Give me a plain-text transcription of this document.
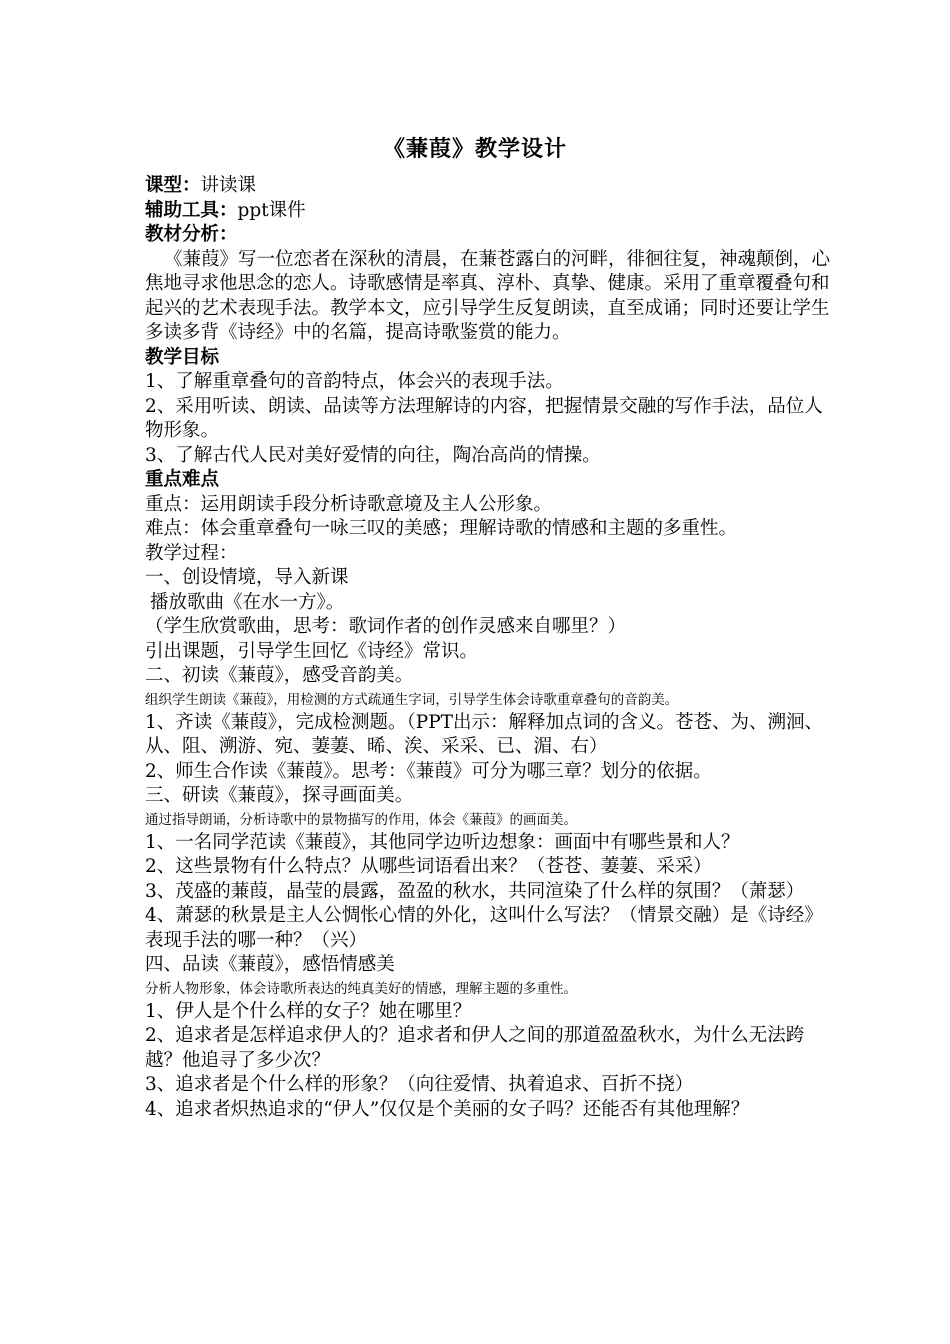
《蒹葭》教学设计
课型：讲读课
辅助工具：ppt课件
教材分析：
《蒹葭》写一位恋者在深秋的清晨，在蒹苍露白的河畔，徘徊往复，神魂颠倒，心焦地寻求他思念的恋人。诗歌感情是率真、淳朴、真挚、健康。采用了重章覆叠句和起兴的艺术表现手法。教学本文，应引导学生反复朗读，直至成诵；同时还要让学生多读多背《诗经》中的名篇，提高诗歌鉴赏的能力。
教学目标
1、了解重章叠句的音韵特点，体会兴的表现手法。
2、采用听读、朗读、品读等方法理解诗的内容，把握情景交融的写作手法，品位人物形象。
3、了解古代人民对美好爱情的向往，陶冶高尚的情操。
重点难点
重点：运用朗读手段分析诗歌意境及主人公形象。
难点：体会重章叠句一咏三叹的美感；理解诗歌的情感和主题的多重性。
教学过程：
一、创设情境，导入新课
播放歌曲《在水一方》。
（学生欣赏歌曲，思考：歌词作者的创作灵感来自哪里？）
引出课题，引导学生回忆《诗经》常识。
二、初读《蒹葭》，感受音韵美。
组织学生朗读《蒹葭》，用检测的方式疏通生字词，引导学生体会诗歌重章叠句的音韵美。
1、齐读《蒹葭》，完成检测题。（PPT出示：解释加点词的含义。苍苍、为、溯洄、从、阻、溯游、宛、萋萋、晞、涘、采采、已、湄、右）
2、师生合作读《蒹葭》。思考：《蒹葭》可分为哪三章？划分的依据。
三、研读《蒹葭》，探寻画面美。
通过指导朗诵，分析诗歌中的景物描写的作用，体会《蒹葭》的画面美。
1、一名同学范读《蒹葭》，其他同学边听边想象：画面中有哪些景和人？
2、这些景物有什么特点？从哪些词语看出来？（苍苍、萋萋、采采）
3、茂盛的蒹葭，晶莹的晨露，盈盈的秋水，共同渲染了什么样的氛围？（萧瑟）
4、萧瑟的秋景是主人公惆怅心情的外化，这叫什么写法？（情景交融）是《诗经》表现手法的哪一种？（兴）
四、品读《蒹葭》，感悟情感美
分析人物形象，体会诗歌所表达的纯真美好的情感，理解主题的多重性。
1、伊人是个什么样的女子？她在哪里？
2、追求者是怎样追求伊人的？追求者和伊人之间的那道盈盈秋水，为什么无法跨越？他追寻了多少次？
3、追求者是个什么样的形象？（向往爱情、执着追求、百折不挠）
4、追求者炽热追求的“伊人”仅仅是个美丽的女子吗？还能否有其他理解？
